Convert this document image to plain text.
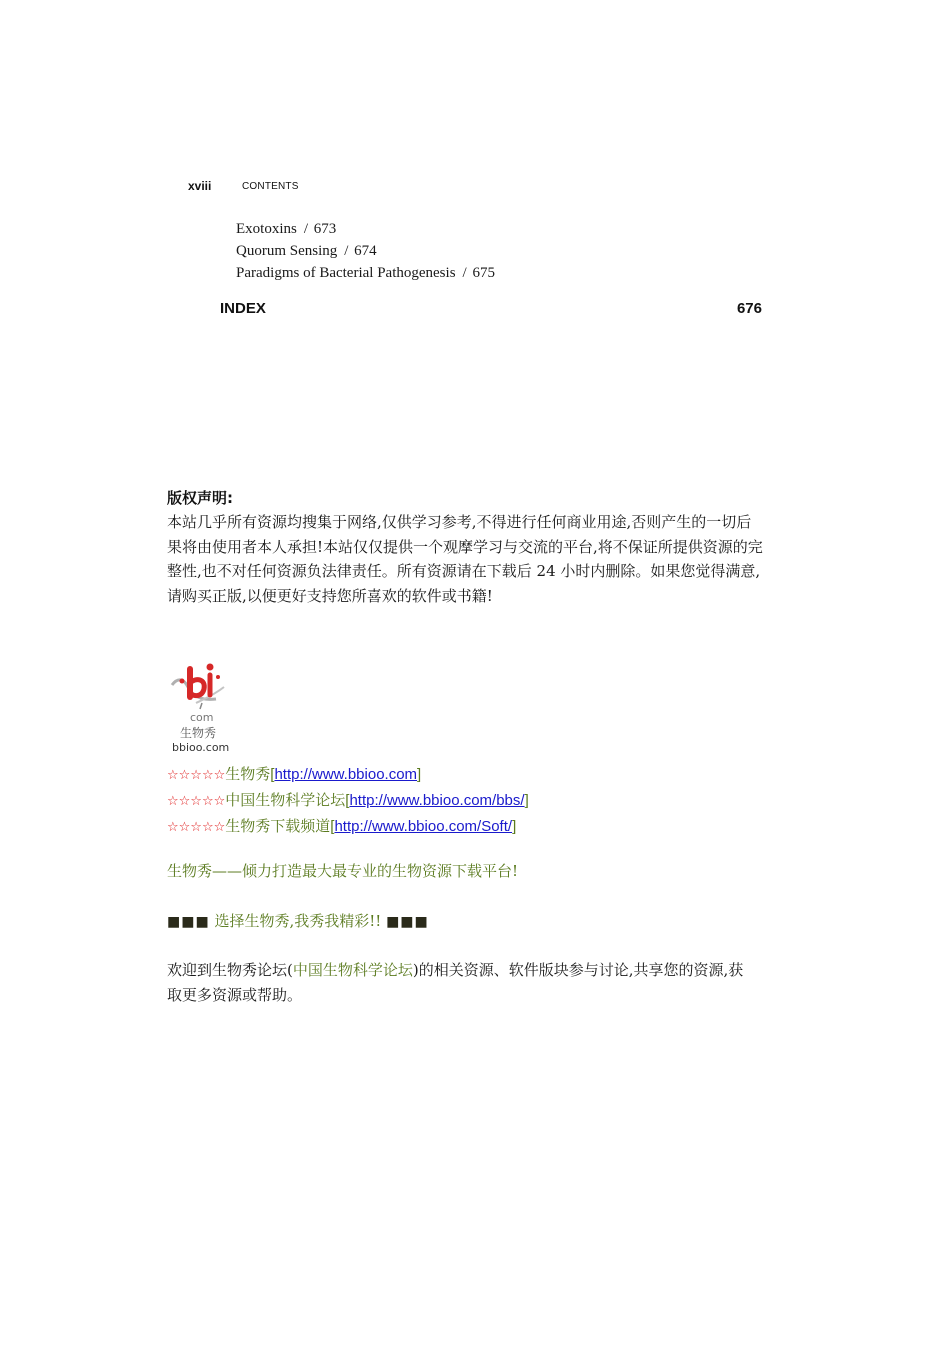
xviii	CONTENTS
Exotoxins / 673
Quorum Sensing / 674
Paradigms of Bacterial Pathogenesis / 675
INDEX	676
版权声明:
本站几乎所有资源均搜集于网络,仅供学习参考,不得进行任何商业用途,否则产生的一切后
果将由使用者本人承担!本站仅仅提供一个观摩学习与交流的平台,将不保证所提供资源的完
整性,也不对任何资源负法律责任。所有资源请在下载后 24 小时内删除。如果您觉得满意,
请购买正版,以便更好支持您所喜欢的软件或书籍!
com
生物秀
bbioo.com
☆☆☆☆☆生物秀[http://www.bbioo.com]
☆☆☆☆☆中国生物科学论坛[http://www.bbioo.com/bbs/]
☆☆☆☆☆生物秀下载频道[http://www.bbioo.com/Soft/]
生物秀——倾力打造最大最专业的生物资源下载平台!
■■■ 选择生物秀,我秀我精彩!! ■■■
欢迎到生物秀论坛(中国生物科学论坛)的相关资源、软件版块参与讨论,共享您的资源,获
取更多资源或帮助。
